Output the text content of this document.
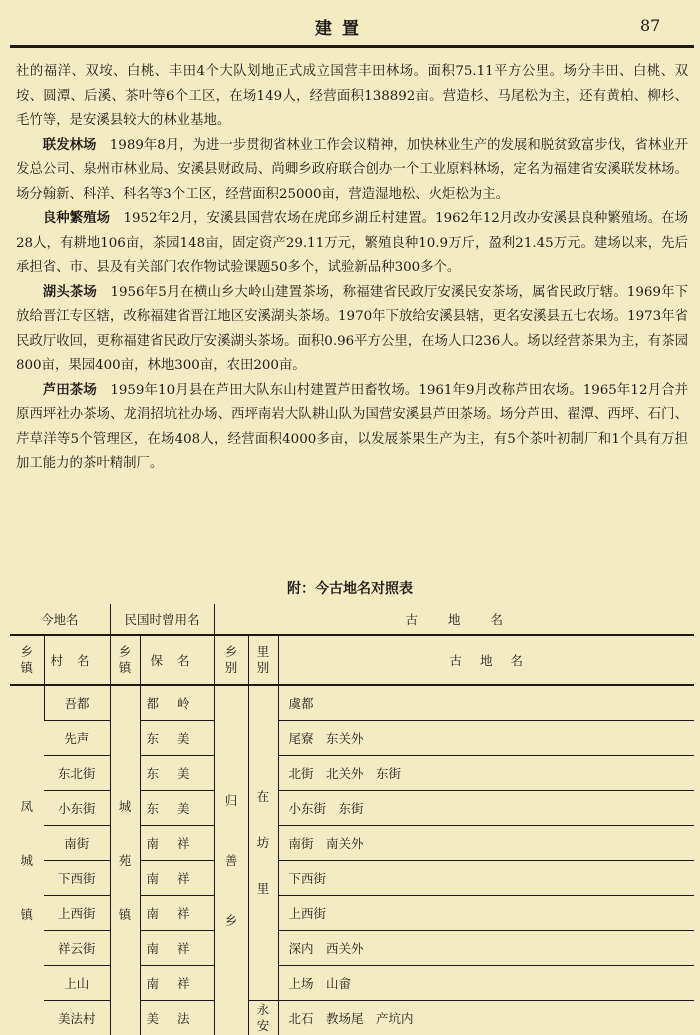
建置	87

社的福洋、双垵、白桃、丰田4个大队划地正式成立国营丰田林场。面积75.11平方公里。场分丰田、白桃、双垵、圆潭、后溪、茶叶等6个工区，在场149人，经营面积138892亩。营造杉、马尾松为主，还有黄柏、柳杉、毛竹等，是安溪县较大的林业基地。

联发林场　 1989年8月，为进一步贯彻省林业工作会议精神，加快林业生产的发展和脱贫致富步伐，省林业开发总公司、泉州市林业局、安溪县财政局、尚卿乡政府联合创办一个工业原料林场，定名为福建省安溪联发林场。场分翰新、科洋、科名等3个工区，经营面积25000亩，营造湿地松、火炬松为主。

良种繁殖场　 1952年2月，安溪县国营农场在虎邱乡湖丘村建置。1962年12月改办安溪县良种繁殖场。在场28人，有耕地106亩，茶园148亩，固定资产29.11万元，繁殖良种10.9万斤，盈利21.45万元。建场以来，先后承担省、市、县及有关部门农作物试验课题50多个，试验新品种300多个。

湖头茶场　 1956年5月在横山乡大岭山建置茶场，称福建省民政厅安溪民安茶场，属省民政厅辖。1969年下放给晋江专区辖，改称福建省晋江地区安溪湖头茶场。1970年下放给安溪县辖，更名安溪县五七农场。1973年省民政厅收回，更称福建省民政厅安溪湖头茶场。面积0.96平方公里，在场人口236人。场以经营茶果为主，有茶园800亩，果园400亩，林地300亩，农田200亩。

芦田茶场　 1959年10月县在芦田大队东山村建置芦田畜牧场。1961年9月改称芦田农场。1965年12月合并原西坪社办茶场、龙涓招坑社办场、西坪南岩大队耕山队为国营安溪县芦田茶场。场分芦田、翟潭、西坪、石门、芹草洋等5个管理区，在场408人，经营面积4000多亩，以发展茶果生产为主，有5个茶叶初制厂和1个具有万担加工能力的茶叶精制厂。

附：今古地名对照表
今地名		民国时曾用名		古地名		
乡镇	村名	乡镇	保名	乡别	里别	古地名
凤城镇	吾都	城苑镇	都岭	归善乡	在坊里	虞都
	先声		东美			尾寮　东关外
	东北街		东美			北街　北关外　东街
	小东街		东美			小东街　东街
	南街		南祥			南街　南关外
	下西街		南祥			下西街
	上西街		南祥			上西街
	祥云街		南祥			深内　西关外
	上山		南祥			上场　山畲
	美法村		美法		永安	北石　教场尾　产坑内
